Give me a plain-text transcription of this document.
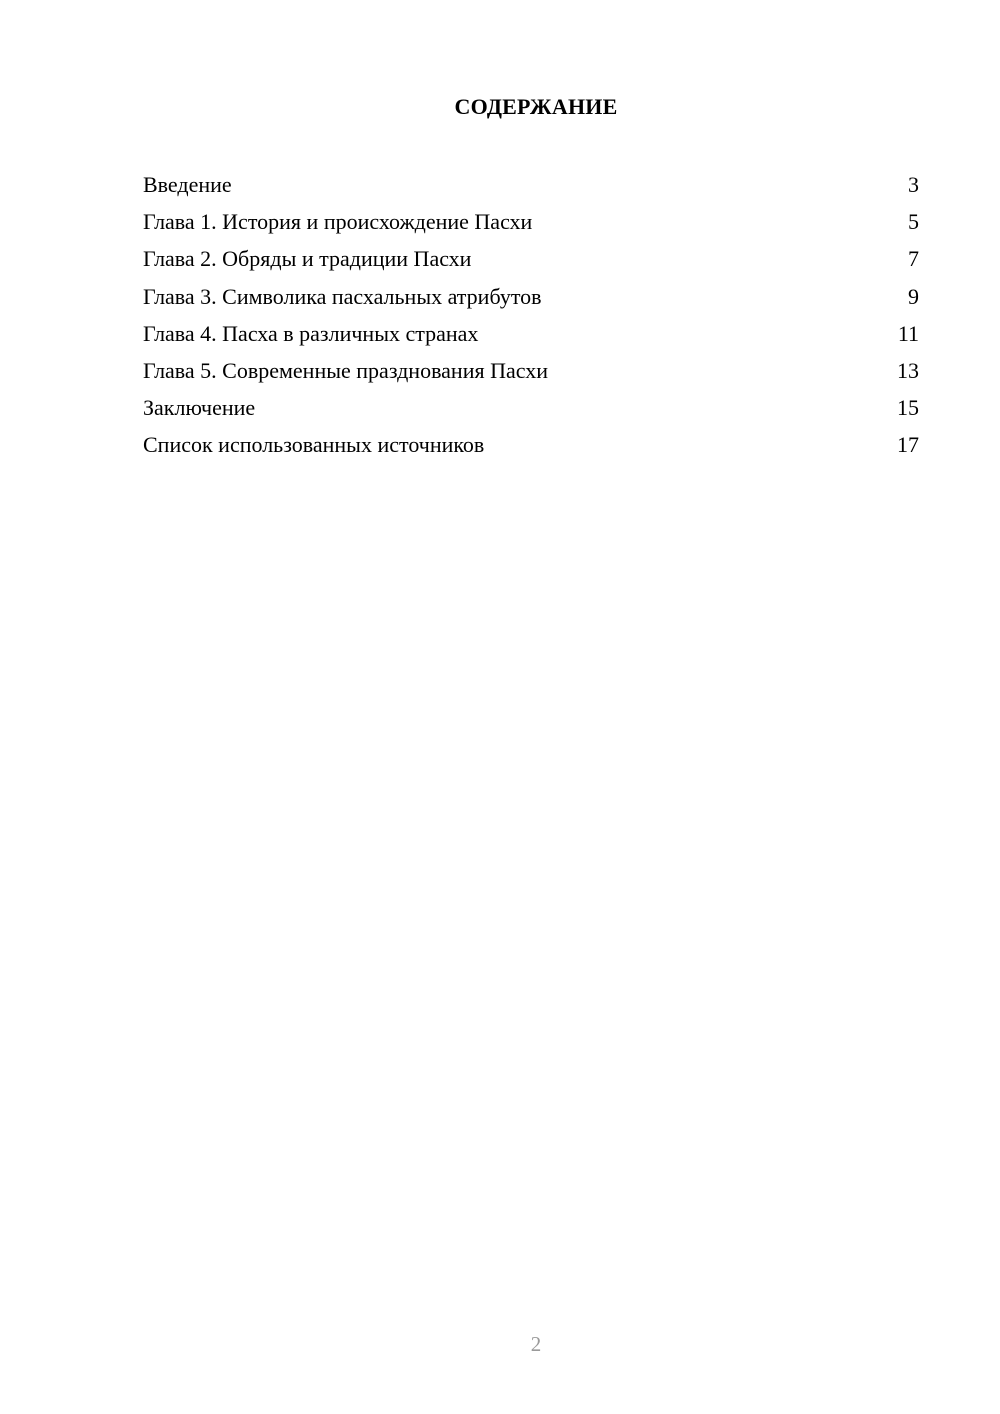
СОДЕРЖАНИЕ
Введение	3
Глава 1. История и происхождение Пасхи	5
Глава 2. Обряды и традиции Пасхи	7
Глава 3. Символика пасхальных атрибутов	9
Глава 4. Пасха в различных странах	11
Глава 5. Современные празднования Пасхи	13
Заключение	15
Список использованных источников	17
2
